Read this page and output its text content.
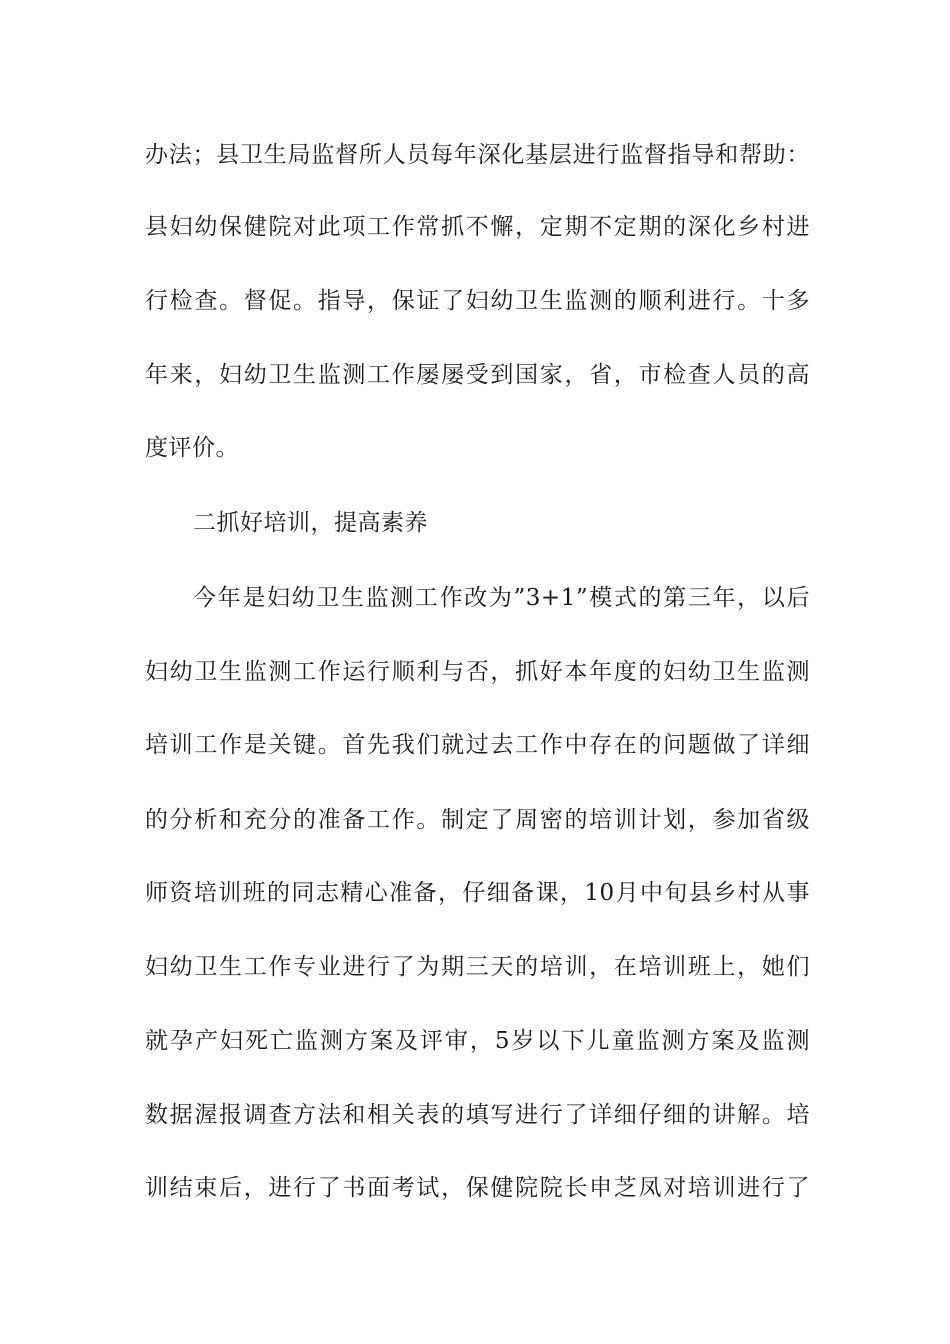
办法；县卫生局监督所人员每年深化基层进行监督指导和帮助：
县妇幼保健院对此项工作常抓不懈，定期不定期的深化乡村进
行检查。督促。指导，保证了妇幼卫生监测的顺利进行。十多
年来，妇幼卫生监测工作屡屡受到国家，省，市检查人员的高
度评价。
二抓好培训，提高素养
今年是妇幼卫生监测工作改为”3+1”模式的第三年，以后
妇幼卫生监测工作运行顺利与否，抓好本年度的妇幼卫生监测
培训工作是关键。首先我们就过去工作中存在的问题做了详细
的分析和充分的准备工作。制定了周密的培训计划，参加省级
师资培训班的同志精心准备，仔细备课，10月中旬县乡村从事
妇幼卫生工作专业进行了为期三天的培训，在培训班上，她们
就孕产妇死亡监测方案及评审，5岁以下儿童监测方案及监测
数据渥报调查方法和相关表的填写进行了详细仔细的讲解。培
训结束后，进行了书面考试，保健院院长申芝凤对培训进行了
